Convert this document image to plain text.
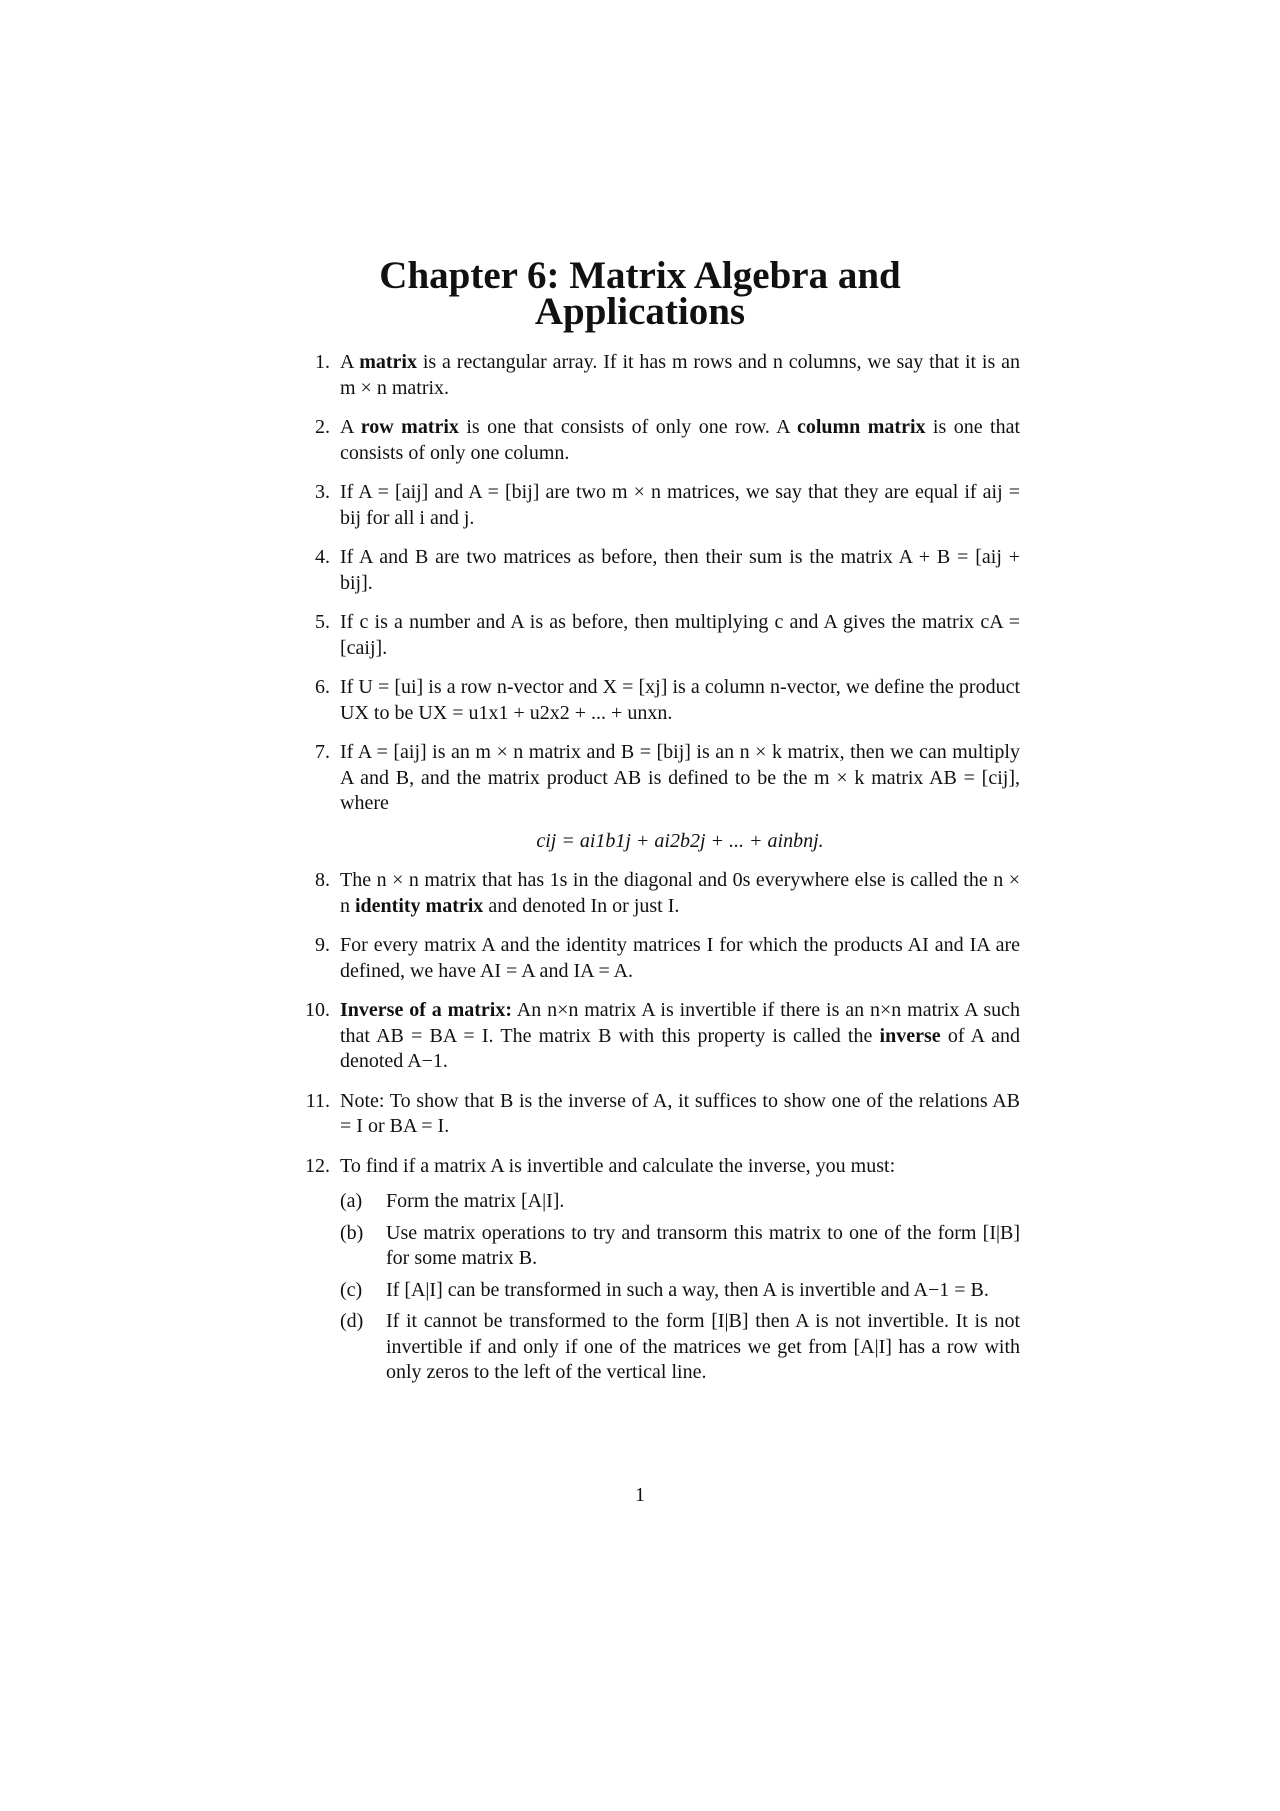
Chapter 6: Matrix Algebra and
Applications
1. A matrix is a rectangular array. If it has m rows and n columns, we say that it is an m × n matrix.
2. A row matrix is one that consists of only one row. A column matrix is one that consists of only one column.
3. If A = [aij] and A = [bij] are two m × n matrices, we say that they are equal if aij = bij for all i and j.
4. If A and B are two matrices as before, then their sum is the matrix A + B = [aij + bij].
5. If c is a number and A is as before, then multiplying c and A gives the matrix cA = [caij].
6. If U = [ui] is a row n-vector and X = [xj] is a column n-vector, we define the product UX to be UX = u1x1 + u2x2 + ... + unxn.
7. If A = [aij] is an m × n matrix and B = [bij] is an n × k matrix, then we can multiply A and B, and the matrix product AB is defined to be the m × k matrix AB = [cij], where
cij = ai1b1j + ai2b2j + ... + ainbnj.
8. The n × n matrix that has 1s in the diagonal and 0s everywhere else is called the n × n identity matrix and denoted In or just I.
9. For every matrix A and the identity matrices I for which the products AI and IA are defined, we have AI = A and IA = A.
10. Inverse of a matrix: An n×n matrix A is invertible if there is an n×n matrix A such that AB = BA = I. The matrix B with this property is called the inverse of A and denoted A−1.
11. Note: To show that B is the inverse of A, it suffices to show one of the relations AB = I or BA = I.
12. To find if a matrix A is invertible and calculate the inverse, you must:
(a) Form the matrix [A|I].
(b) Use matrix operations to try and transorm this matrix to one of the form [I|B] for some matrix B.
(c) If [A|I] can be transformed in such a way, then A is invertible and A−1 = B.
(d) If it cannot be transformed to the form [I|B] then A is not invertible. It is not invertible if and only if one of the matrices we get from [A|I] has a row with only zeros to the left of the vertical line.
1
